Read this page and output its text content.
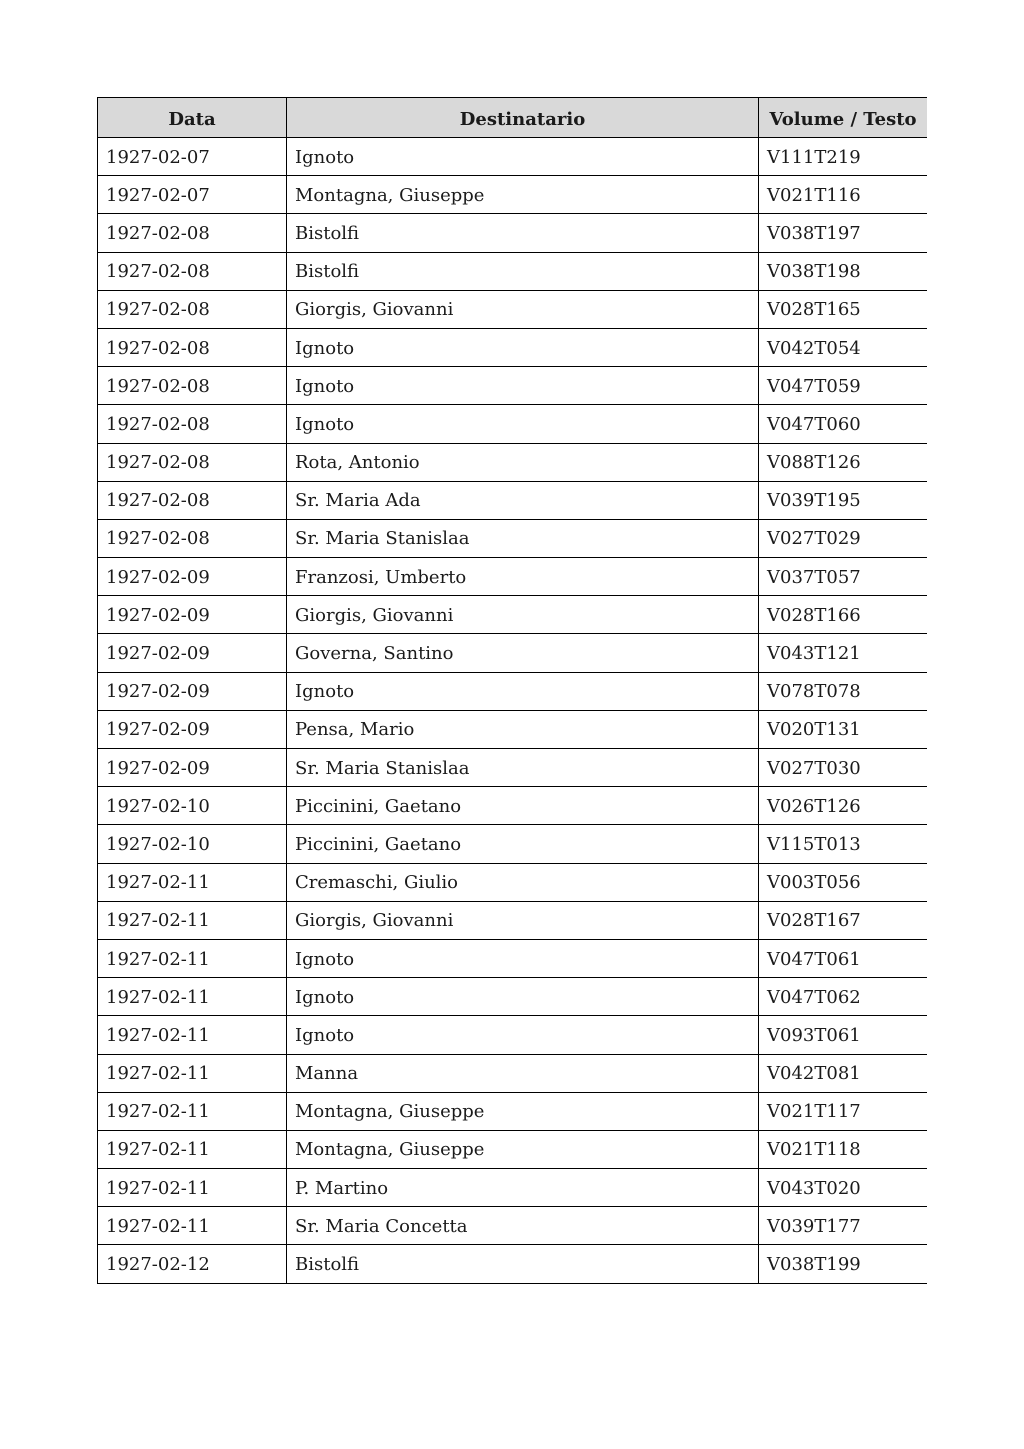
Data	Destinatario	Volume / Testo
1927-02-07	Ignoto	V111T219
1927-02-07	Montagna, Giuseppe	V021T116
1927-02-08	Bistolfi	V038T197
1927-02-08	Bistolfi	V038T198
1927-02-08	Giorgis, Giovanni	V028T165
1927-02-08	Ignoto	V042T054
1927-02-08	Ignoto	V047T059
1927-02-08	Ignoto	V047T060
1927-02-08	Rota, Antonio	V088T126
1927-02-08	Sr. Maria Ada	V039T195
1927-02-08	Sr. Maria Stanislaa	V027T029
1927-02-09	Franzosi, Umberto	V037T057
1927-02-09	Giorgis, Giovanni	V028T166
1927-02-09	Governa, Santino	V043T121
1927-02-09	Ignoto	V078T078
1927-02-09	Pensa, Mario	V020T131
1927-02-09	Sr. Maria Stanislaa	V027T030
1927-02-10	Piccinini, Gaetano	V026T126
1927-02-10	Piccinini, Gaetano	V115T013
1927-02-11	Cremaschi, Giulio	V003T056
1927-02-11	Giorgis, Giovanni	V028T167
1927-02-11	Ignoto	V047T061
1927-02-11	Ignoto	V047T062
1927-02-11	Ignoto	V093T061
1927-02-11	Manna	V042T081
1927-02-11	Montagna, Giuseppe	V021T117
1927-02-11	Montagna, Giuseppe	V021T118
1927-02-11	P. Martino	V043T020
1927-02-11	Sr. Maria Concetta	V039T177
1927-02-12	Bistolfi	V038T199
